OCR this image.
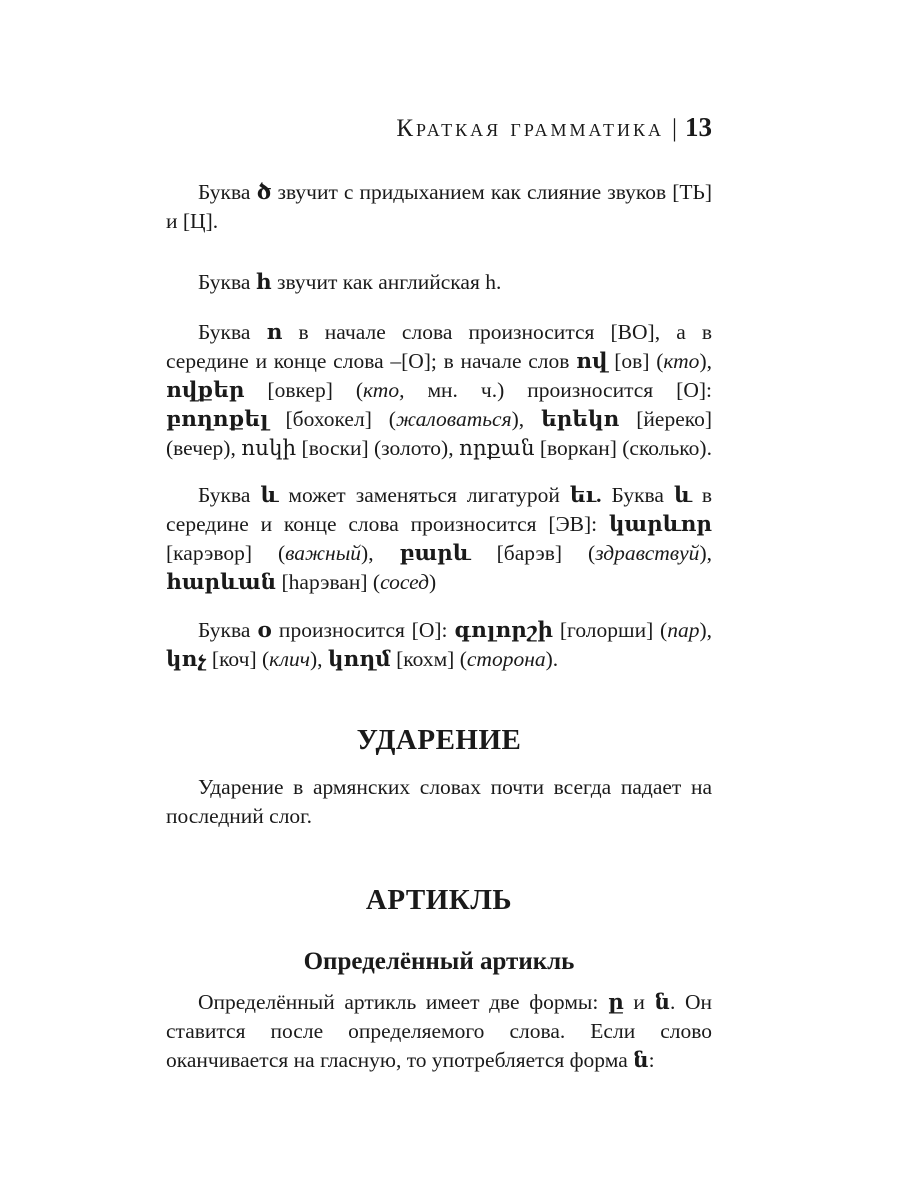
Краткая грамматика | 13

Буква ծ звучит с придыханием как слияние звуков [ТЬ] и [Ц].

Буква հ звучит как английская h.

Буква ո в начале слова произносится [ВО], а в середине и конце слова –[О]; в начале слов ով [ов] (кто), ովքեր [овкер] (кто, мн. ч.) произносится [О]: բողոքել [бохокел] (жаловаться), երեկո [йереко] (вечер), ոսկի [воски] (золото), որքան [воркан] (сколько).

Буква և может заменяться лигатурой եւ. Буква և в середине и конце слова произносится [ЭВ]: կարևոր [карэвор] (важный), բարև [барэв] (здравствуй), հարևան [hарэван] (сосед)

Буква օ произносится [О]: գոլորշի [голорши] (пар), կոչ [коч] (клич), կողմ [кохм] (сторона).

УДАРЕНИЕ

Ударение в армянских словах почти всегда падает на последний слог.

АРТИКЛЬ
Определённый артикль

Определённый артикль имеет две формы: ը и ն. Он ставится после определяемого слова. Если слово оканчивается на гласную, то употребляется форма ն:
